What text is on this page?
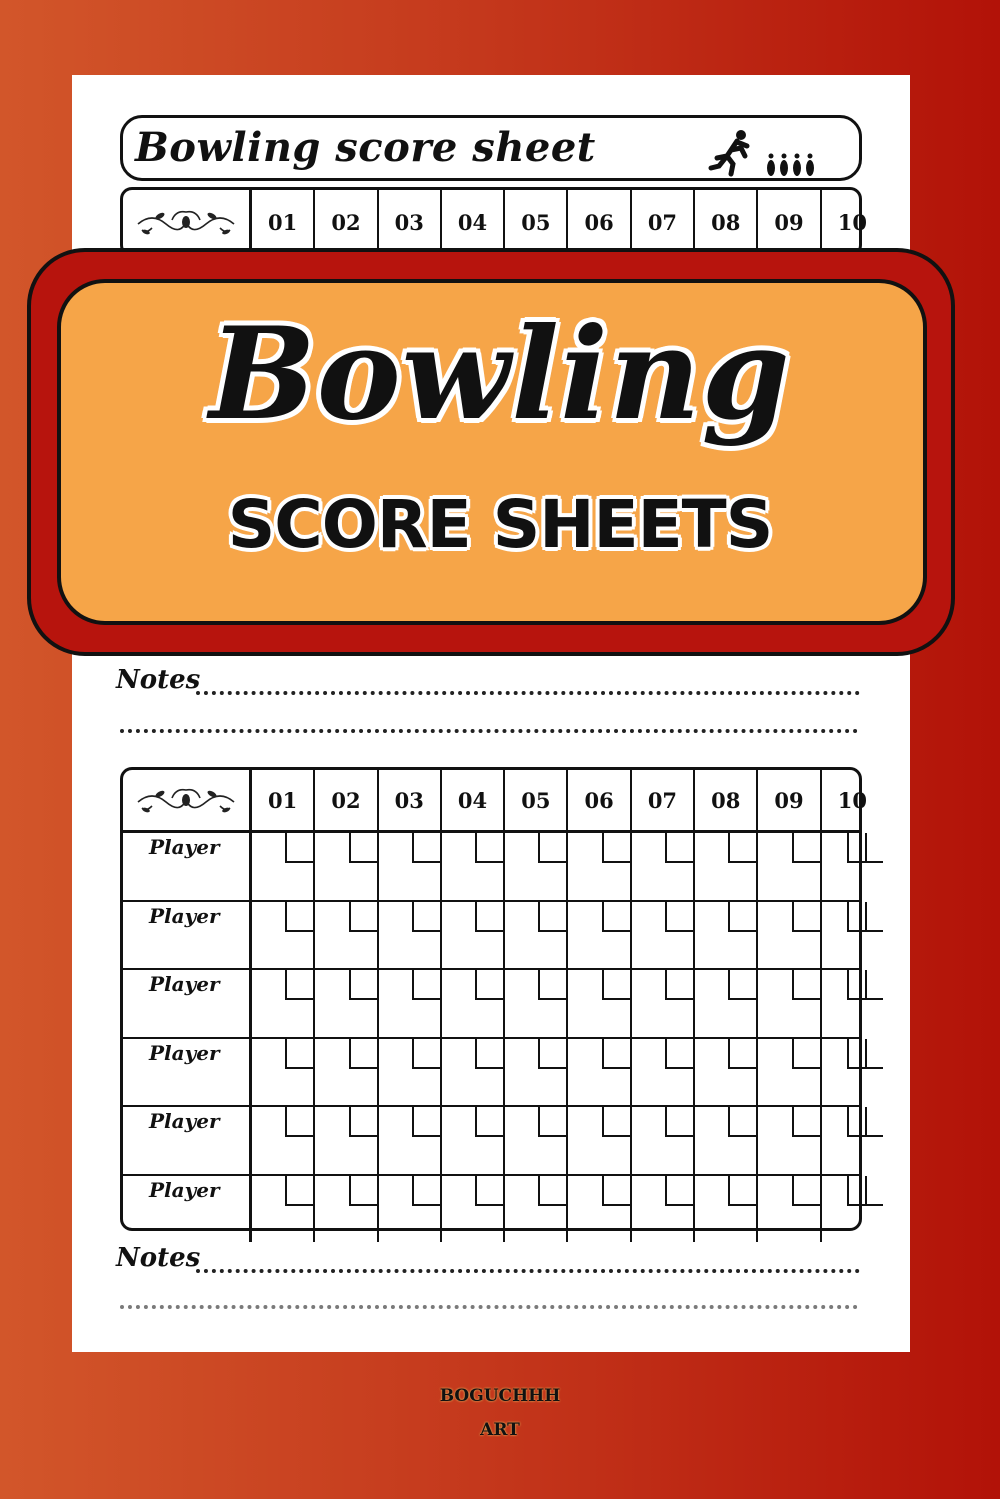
Bowling score sheet
01	02	03	04	05	06	07	08	09	10
Notes
01	02	03	04	05	06	07	08	09	10
Player
Player
Player
Player
Player
Player
Notes
Bowling
SCORE SHEETS
BOGUCHHH
ART
